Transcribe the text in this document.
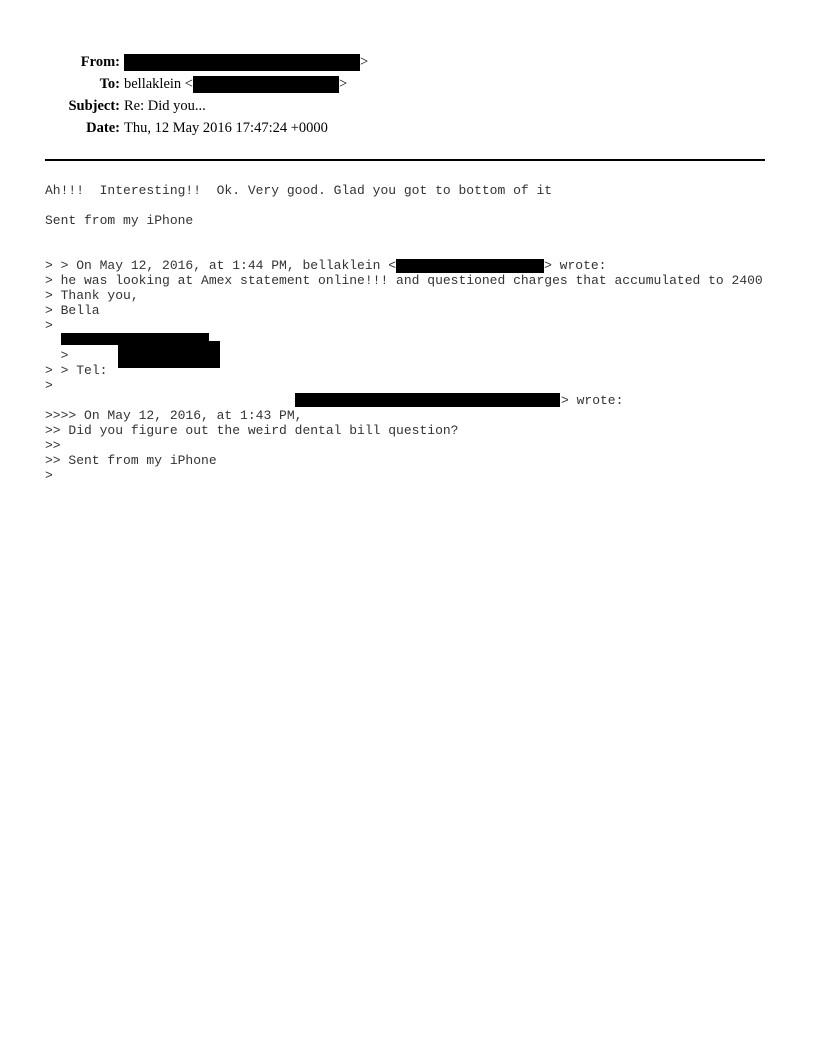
From:	>
To: bellaklein <	>
Subject: Re: Did you...
Date: Thu, 12 May 2016 17:47:24 +0000
Ah!!!  Interesting!!  Ok. Very good. Glad you got to bottom of it
Sent from my iPhone

> On May 12, 2016, at 1:44 PM, bellaklein <	> wrote:

>
> he was looking at Amex statement online!!! and questioned charges that accumulated to 2400
> Thank you,
> Bella
>

>

> Tel:

>
>

>> On May 12, 2016, at 1:43 PM,

> wrote:
>>
>> Did you figure out the weird dental bill question?
>>
>> Sent from my iPhone
>
